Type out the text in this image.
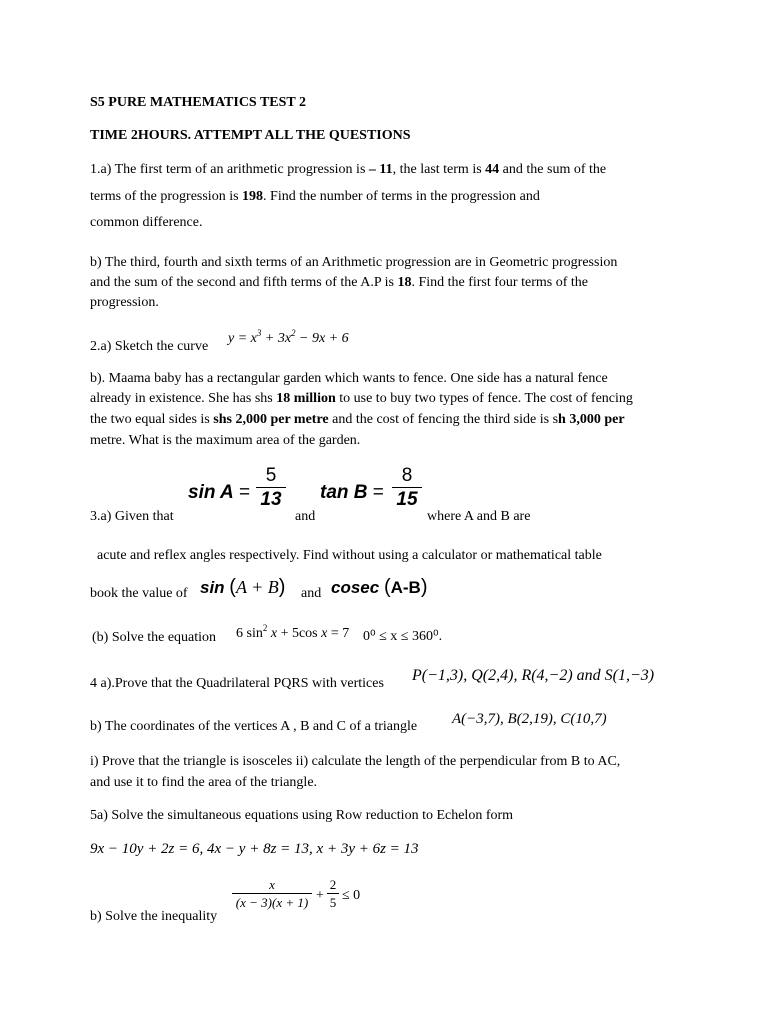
S5 PURE MATHEMATICS TEST 2
TIME 2HOURS. ATTEMPT ALL THE QUESTIONS
1.a) The first term of an arithmetic progression is – 11, the last term is 44 and the sum of the
terms of the progression is 198. Find the number of terms in the progression and
common difference.
b) The third, fourth and sixth terms of an Arithmetic progression are in Geometric progression
and the sum of the second and fifth terms of the A.P is 18. Find the first four terms of the
progression.
2.a) Sketch the curve
$y = x^3 + 3x^2 - 9x + 6$
b). Maama baby has a rectangular garden which wants to fence. One side has a natural fence
already in existence. She has shs 18 million to use to buy two types of fence. The cost of fencing
the two equal sides is shs 2,000 per metre and the cost of fencing the third side is sh 3,000 per
metre. What is the maximum area of the garden.
3.a) Given that
sin A =
5
13
and
tan B =
8
15
where A and B are
acute and reflex angles respectively. Find without using a calculator or mathematical table
book the value of sin (A + B) and cosec (A-B)
(b) Solve the equation 6 $\sin^2 x + 5\cos$ x = 7 0⁰ ≤ x ≤ 360⁰.
4 a).Prove that the Quadrilateral PQRS with vertices P(−1,3), Q(2,4), R(4,−2) and S(1,−3)
b) The coordinates of the vertices A , B and C of a triangle A(−3,7), B(2,19), C(10,7)
i) Prove that the triangle is isosceles ii) calculate the length of the perpendicular from B to AC,
and use it to find the area of the triangle.
5a) Solve the simultaneous equations using Row reduction to Echelon form
9x − 10y + 2z = 6, 4x − y + 8z = 13, x + 3y + 6z = 13
b) Solve the inequality
x
(x − 3)(x + 1) +
2
5 ≤ 0
